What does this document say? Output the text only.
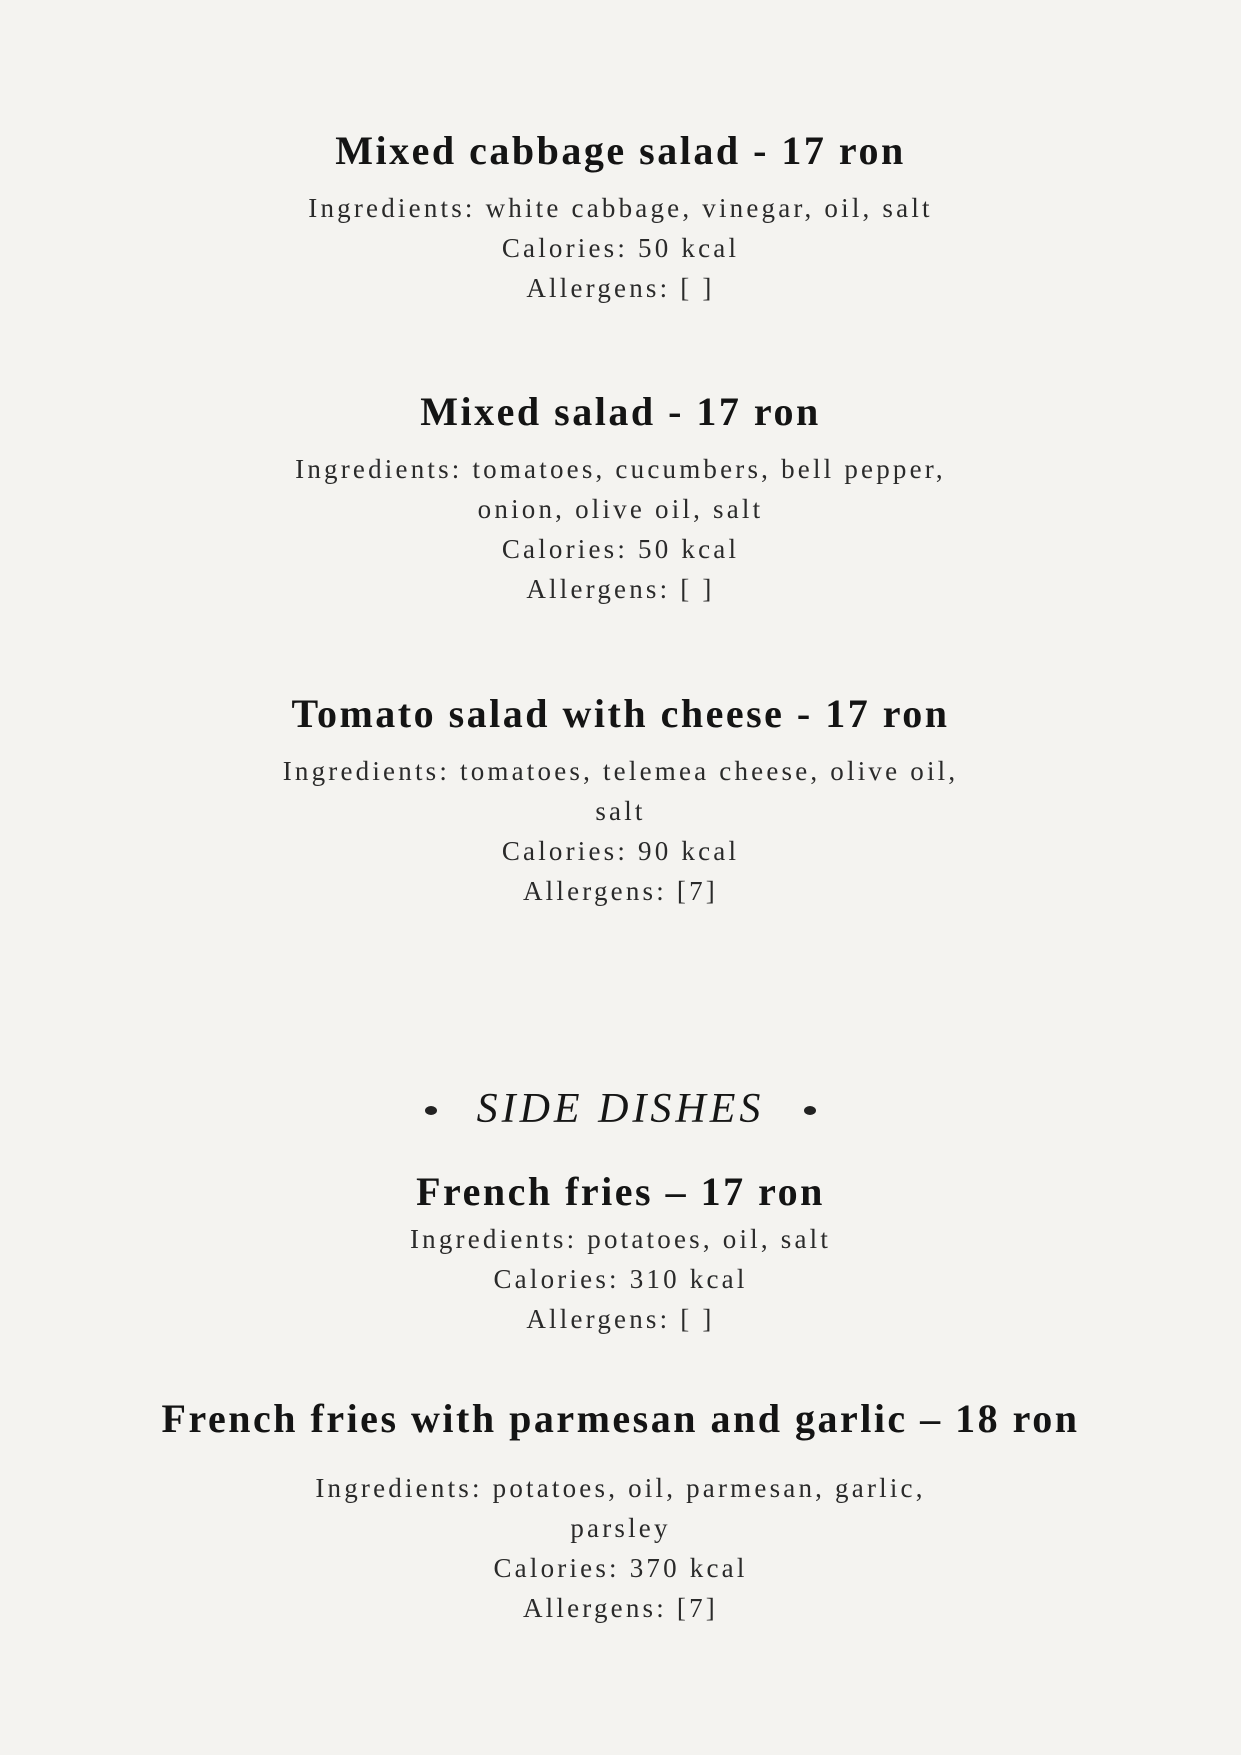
Mixed cabbage salad - 17 ron

Ingredients: white cabbage, vinegar, oil, salt

Calories: 50 kcal

Allergens: [ ]

Mixed salad - 17 ron

Ingredients: tomatoes, cucumbers, bell pepper, onion, olive oil, salt

Calories: 50 kcal

Allergens: [ ]

Tomato salad with cheese - 17 ron

Ingredients: tomatoes, telemea cheese, olive oil, salt

Calories: 90 kcal

Allergens: [7]

SIDE DISHES
French fries – 17 ron

Ingredients: potatoes, oil, salt

Calories: 310 kcal

Allergens: [ ]

French fries with parmesan and garlic – 18 ron

Ingredients: potatoes, oil, parmesan, garlic, parsley

Calories: 370 kcal

Allergens: [7]
